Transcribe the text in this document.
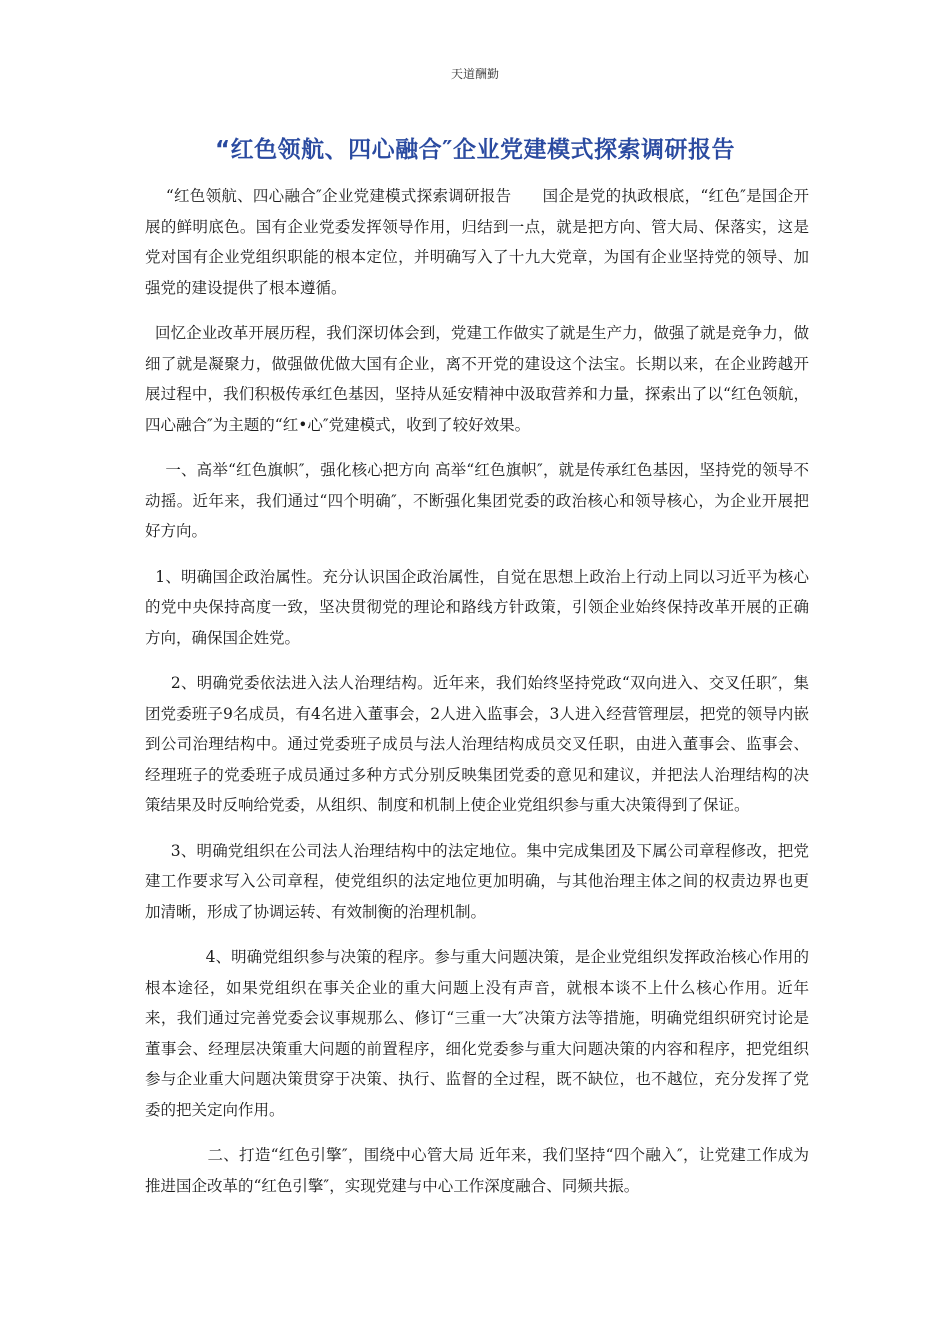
天道酬勤
“红色领航、四心融合″企业党建模式探索调研报告

“红色领航、四心融合″企业党建模式探索调研报告      国企是党的执政根底，“红色″是国企开展的鲜明底色。国有企业党委发挥领导作用，归结到一点，就是把方向、管大局、保落实，这是党对国有企业党组织职能的根本定位，并明确写入了十九大党章，为国有企业坚持党的领导、加强党的建设提供了根本遵循。

回忆企业改革开展历程，我们深切体会到，党建工作做实了就是生产力，做强了就是竞争力，做细了就是凝聚力，做强做优做大国有企业，离不开党的建设这个法宝。长期以来，在企业跨越开展过程中，我们积极传承红色基因，坚持从延安精神中汲取营养和力量，探索出了以“红色领航，四心融合″为主题的“红•心″党建模式，收到了较好效果。

一、高举“红色旗帜″，强化核心把方向 高举“红色旗帜″，就是传承红色基因，坚持党的领导不动摇。近年来，我们通过“四个明确″，不断强化集团党委的政治核心和领导核心，为企业开展把好方向。

1、明确国企政治属性。充分认识国企政治属性，自觉在思想上政治上行动上同以习近平为核心的党中央保持高度一致，坚决贯彻党的理论和路线方针政策，引领企业始终保持改革开展的正确方向，确保国企姓党。

2、明确党委依法进入法人治理结构。近年来，我们始终坚持党政“双向进入、交叉任职″，集团党委班子9名成员，有4名进入董事会，2人进入监事会，3人进入经营管理层，把党的领导内嵌到公司治理结构中。通过党委班子成员与法人治理结构成员交叉任职，由进入董事会、监事会、经理班子的党委班子成员通过多种方式分别反映集团党委的意见和建议，并把法人治理结构的决策结果及时反响给党委，从组织、制度和机制上使企业党组织参与重大决策得到了保证。

3、明确党组织在公司法人治理结构中的法定地位。集中完成集团及下属公司章程修改，把党建工作要求写入公司章程，使党组织的法定地位更加明确，与其他治理主体之间的权责边界也更加清晰，形成了协调运转、有效制衡的治理机制。

4、明确党组织参与决策的程序。参与重大问题决策，是企业党组织发挥政治核心作用的根本途径，如果党组织在事关企业的重大问题上没有声音，就根本谈不上什么核心作用。近年来，我们通过完善党委会议事规那么、修订“三重一大″决策方法等措施，明确党组织研究讨论是董事会、经理层决策重大问题的前置程序，细化党委参与重大问题决策的内容和程序，把党组织参与企业重大问题决策贯穿于决策、执行、监督的全过程，既不缺位，也不越位，充分发挥了党委的把关定向作用。

二、打造“红色引擎″，围绕中心管大局 近年来，我们坚持“四个融入″，让党建工作成为推进国企改革的“红色引擎″，实现党建与中心工作深度融合、同频共振。
